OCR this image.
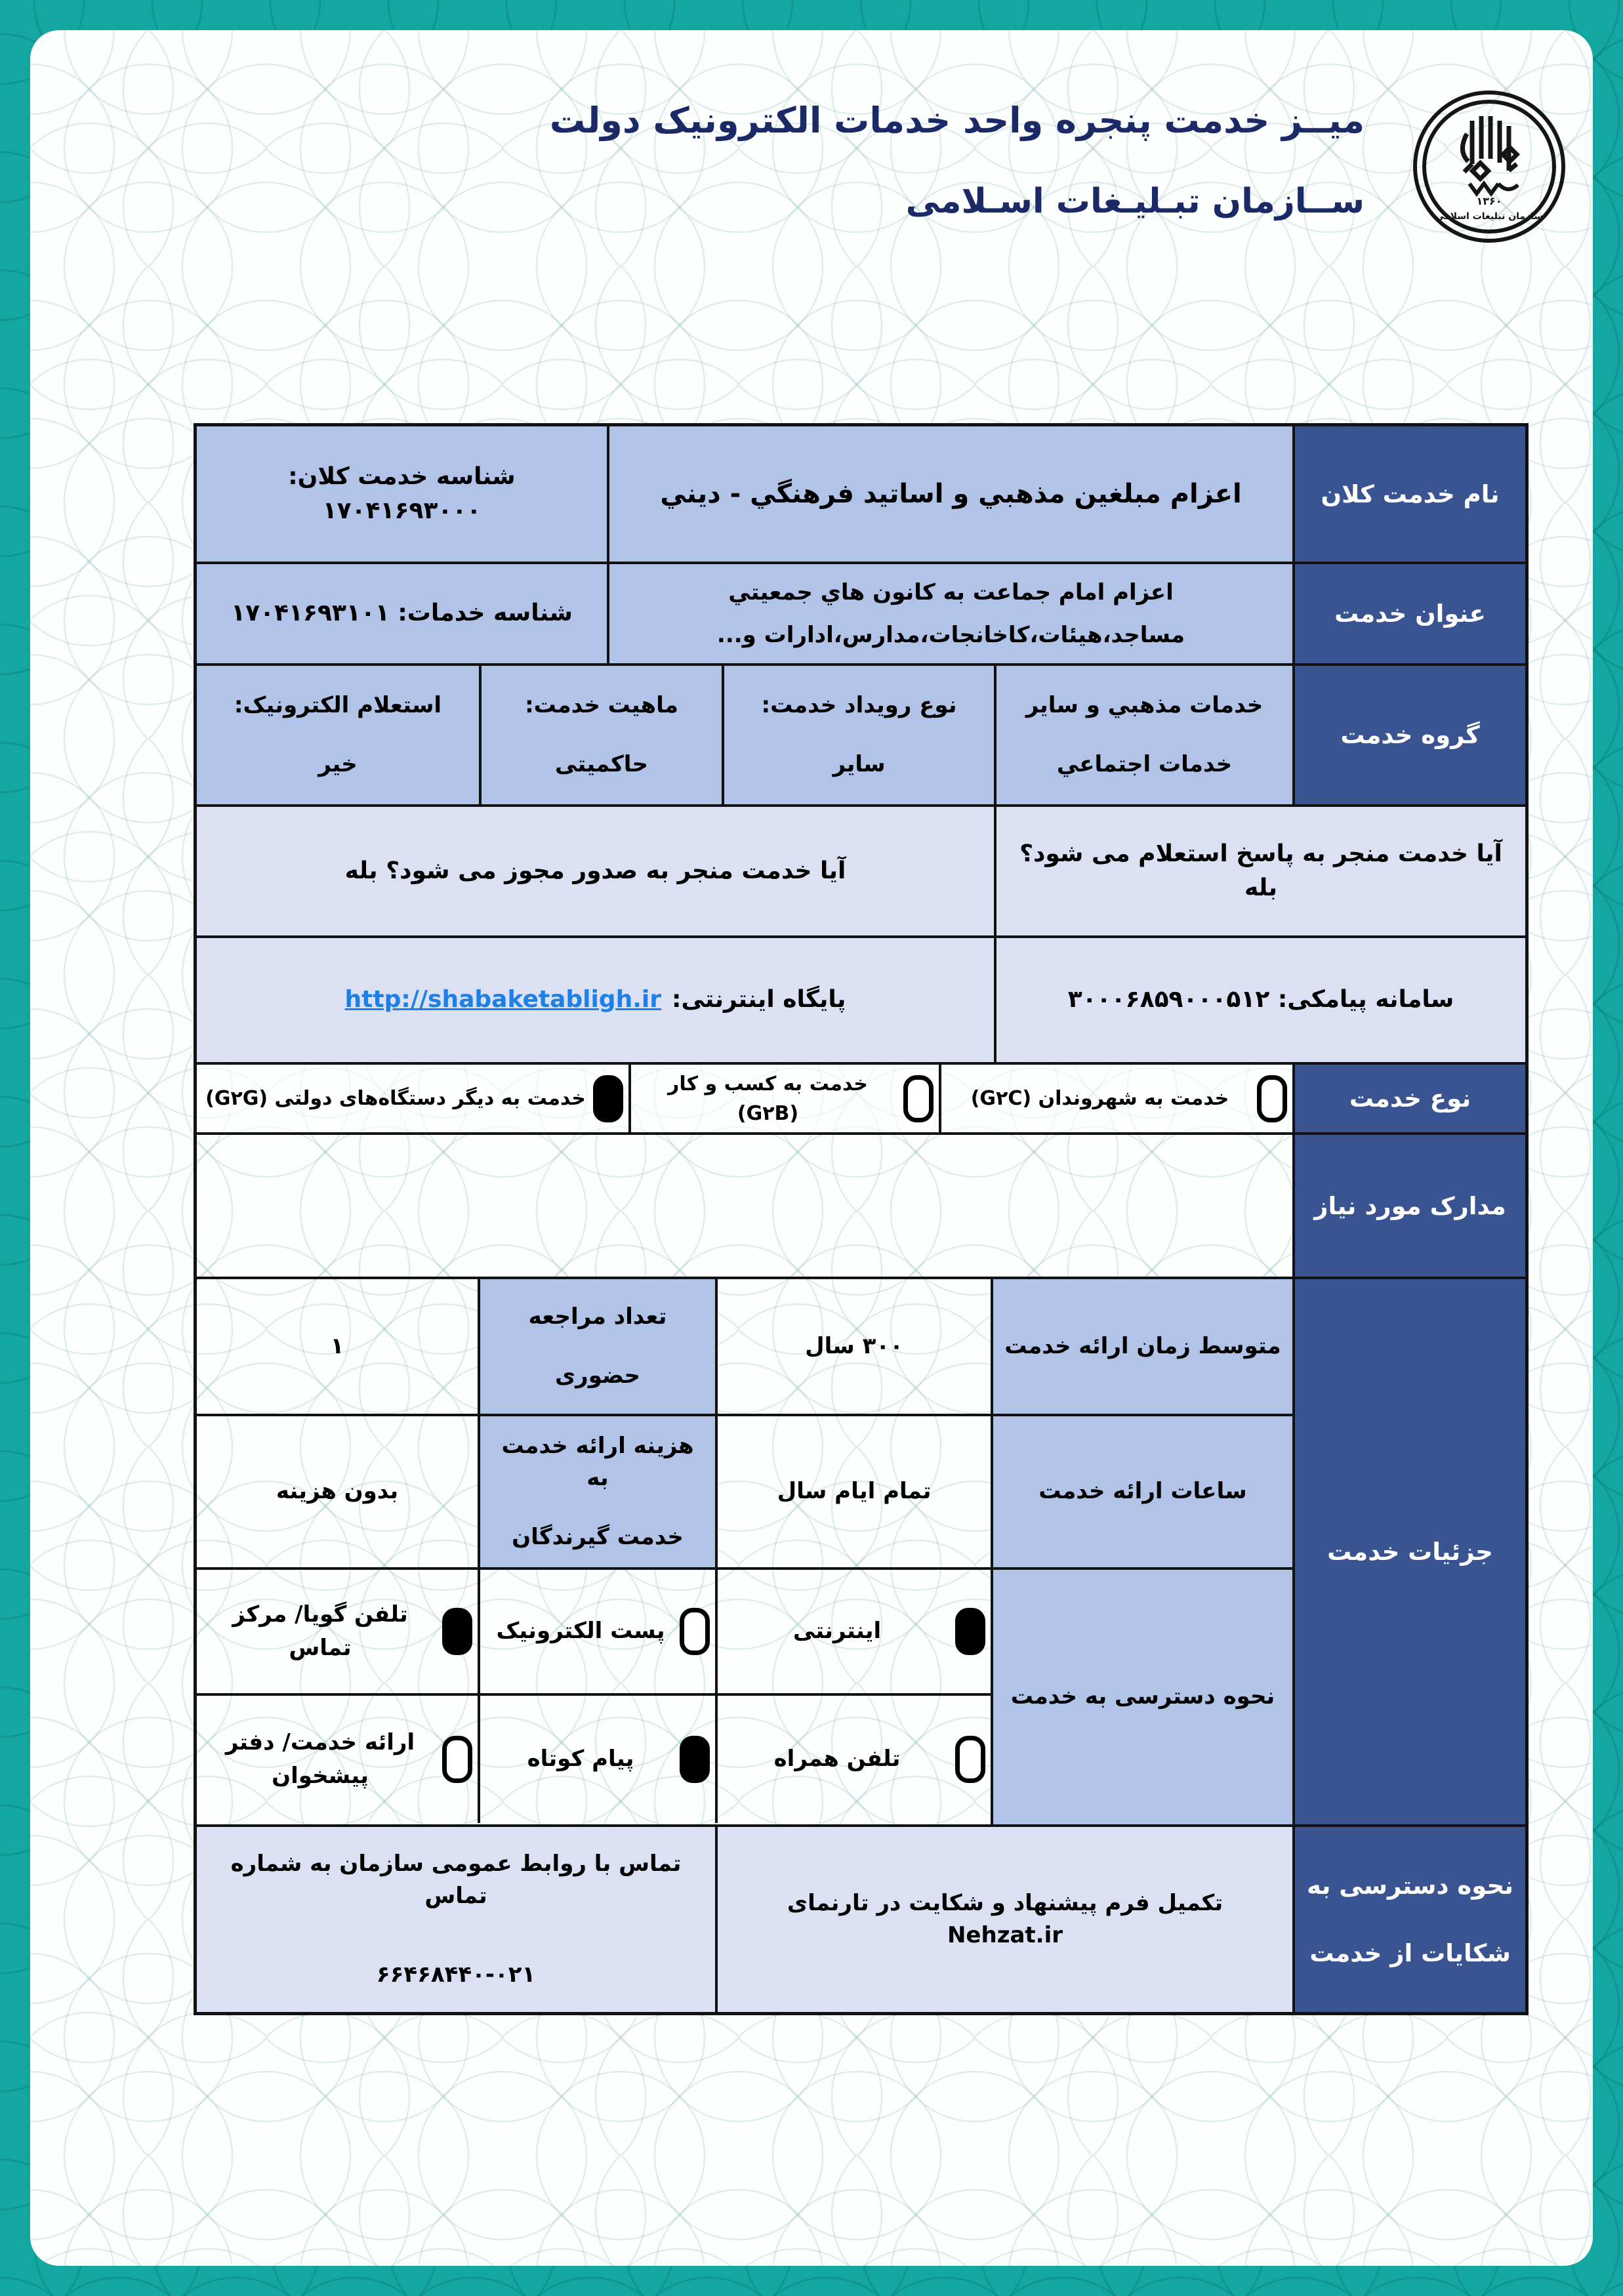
میــز خدمت پنجره واحد خدمات الکترونیک دولت
ســازمان تبـلیـغات اسـلامی	۱۳۶۰
سازمان تبلیغات اسلامی
نام خدمت کلان
اعزام مبلغین مذهبي و اساتید فرهنگي - دیني
شناسه خدمت کلان: ۱۷۰۴۱۶۹۳۰۰۰
عنوان خدمت
اعزام امام جماعت به کانون هاي جمعیتي
مساجد،هیئات،کاخانجات،مدارس،ادارات و...
شناسه خدمات: ۱۷۰۴۱۶۹۳۱۰۱
گروه خدمت
خدمات مذهبي و سایر
خدمات اجتماعي
نوع رویداد خدمت:
سایر
ماهیت خدمت:
حاکمیتی
استعلام الکترونیک:
خیر
آیا خدمت منجر به پاسخ استعلام می شود؟ بله
آیا خدمت منجر به صدور مجوز می شود؟ بله
سامانه پیامکی: ۳۰۰۰۶۸۵۹۰۰۰۵۱۲
پایگاه اینترنتی:
http://shabaketabligh.ir
نوع خدمت
خدمت به شهروندان (G۲C)
خدمت به کسب و کار (G۲B)
خدمت به دیگر دستگاه‌های دولتی (G۲G)
مدارک مورد نیاز
جزئیات خدمت
متوسط زمان ارائه خدمت
۳۰۰ سال
تعداد مراجعه
حضوری
۱
ساعات ارائه خدمت
تمام ایام سال
هزینه ارائه خدمت به
خدمت گیرندگان
بدون هزینه
نحوه دسترسی به خدمت
اینترنتی
پست الکترونیک
تلفن گویا/ مرکز تماس
تلفن همراه
پیام کوتاه
ارائه خدمت/ دفتر پیشخوان
نحوه دسترسی به
شکایات از خدمت
تکمیل فرم پیشنهاد و شکایت در تارنمای Nehzat.ir
تماس با روابط عمومی سازمان به شماره تماس
۶۶۴۶۸۴۴۰-۰۲۱
